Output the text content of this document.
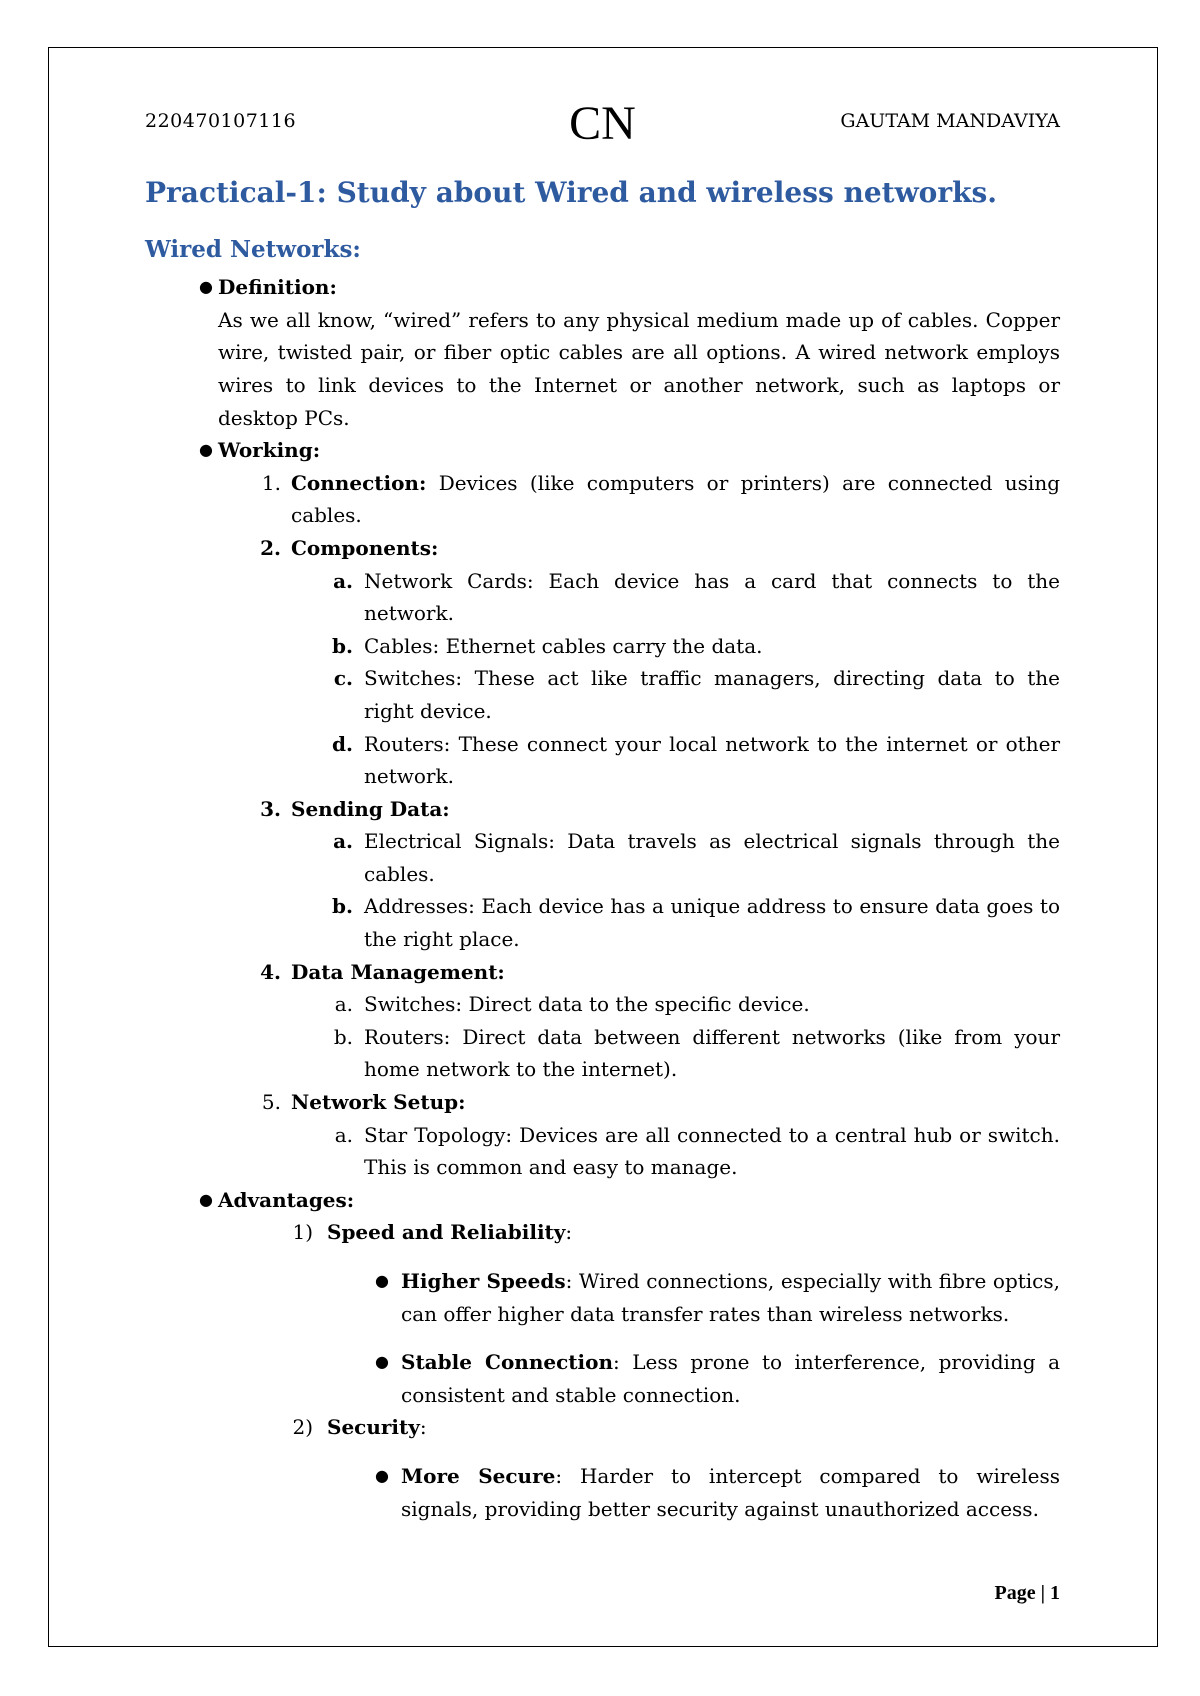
220470107116	CN	GAUTAM MANDAVIYA
Practical-1: Study about Wired and wireless networks.
Wired Networks:
● Definition:
As we all know, “wired” refers to any physical medium made up of cables. Copper wire, twisted pair, or fiber optic cables are all options. A wired network employs wires to link devices to the Internet or another network, such as laptops or desktop PCs.
● Working:
1. Connection: Devices (like computers or printers) are connected using cables.
2. Components:
a. Network Cards: Each device has a card that connects to the network.
b. Cables: Ethernet cables carry the data.
c. Switches: These act like traffic managers, directing data to the right device.
d. Routers: These connect your local network to the internet or other network.
3. Sending Data:
a. Electrical Signals: Data travels as electrical signals through the cables.
b. Addresses: Each device has a unique address to ensure data goes to the right place.
4. Data Management:
a. Switches: Direct data to the specific device.
b. Routers: Direct data between different networks (like from your home network to the internet).
5. Network Setup:
a. Star Topology: Devices are all connected to a central hub or switch. This is common and easy to manage.
● Advantages:
1) Speed and Reliability:
● Higher Speeds: Wired connections, especially with fibre optics, can offer higher data transfer rates than wireless networks.
● Stable Connection: Less prone to interference, providing a consistent and stable connection.
2) Security:
● More Secure: Harder to intercept compared to wireless signals, providing better security against unauthorized access.
Page | 1
